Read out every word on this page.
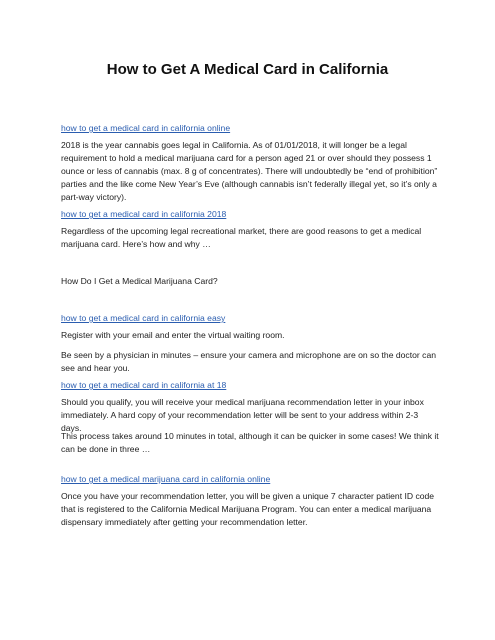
How to Get A Medical Card in California
how to get a medical card in california online

2018 is the year cannabis goes legal in California. As of 01/01/2018, it will longer be a legal requirement to hold a medical marijuana card for a person aged 21 or over should they possess 1 ounce or less of cannabis (max. 8 g of concentrates). There will undoubtedly be “end of prohibition” parties and the like come New Year’s Eve (although cannabis isn’t federally illegal yet, so it’s only a part-way victory).

how to get a medical card in california 2018

Regardless of the upcoming legal recreational market, there are good reasons to get a medical marijuana card. Here’s how and why …

How Do I Get a Medical Marijuana Card?

how to get a medical card in california easy

Register with your email and enter the virtual waiting room.

Be seen by a physician in minutes – ensure your camera and microphone are on so the doctor can see and hear you.

how to get a medical card in california at 18

Should you qualify, you will receive your medical marijuana recommendation letter in your inbox immediately. A hard copy of your recommendation letter will be sent to your address within 2-3 days.

This process takes around 10 minutes in total, although it can be quicker in some cases! We think it can be done in three …

how to get a medical marijuana card in california online

Once you have your recommendation letter, you will be given a unique 7 character patient ID code that is registered to the California Medical Marijuana Program. You can enter a medical marijuana dispensary immediately after getting your recommendation letter.
